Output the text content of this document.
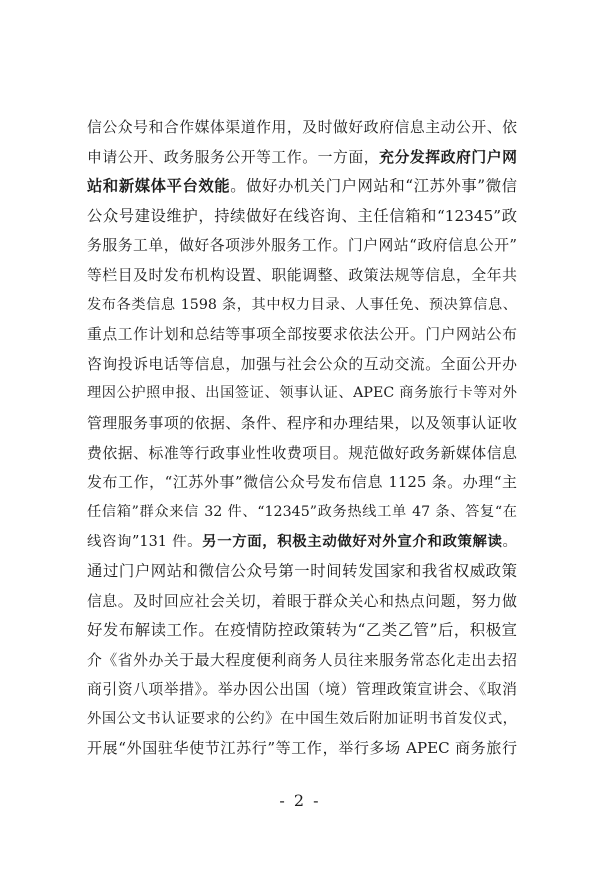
信公众号和合作媒体渠道作用，及时做好政府信息主动公开、依
申请公开、政务服务公开等工作。一方面，充分发挥政府门户网
站和新媒体平台效能。做好办机关门户网站和“江苏外事”微信
公众号建设维护，持续做好在线咨询、主任信箱和“12345”政
务服务工单，做好各项涉外服务工作。门户网站“政府信息公开”
等栏目及时发布机构设置、职能调整、政策法规等信息，全年共
发布各类信息 1598 条，其中权力目录、人事任免、预决算信息、
重点工作计划和总结等事项全部按要求依法公开。门户网站公布
咨询投诉电话等信息，加强与社会公众的互动交流。全面公开办
理因公护照申报、出国签证、领事认证、APEC 商务旅行卡等对外
管理服务事项的依据、条件、程序和办理结果，以及领事认证收
费依据、标准等行政事业性收费项目。规范做好政务新媒体信息
发布工作，“江苏外事”微信公众号发布信息 1125 条。办理“主
任信箱”群众来信 32 件、“12345”政务热线工单 47 条、答复“在
线咨询”131 件。另一方面，积极主动做好对外宣介和政策解读。
通过门户网站和微信公众号第一时间转发国家和我省权威政策
信息。及时回应社会关切，着眼于群众关心和热点问题，努力做
好发布解读工作。在疫情防控政策转为“乙类乙管”后，积极宣
介《省外办关于最大程度便利商务人员往来服务常态化走出去招
商引资八项举措》。举办因公出国（境）管理政策宣讲会、《取消
外国公文书认证要求的公约》在中国生效后附加证明书首发仪式，
开展“外国驻华使节江苏行”等工作，举行多场 APEC 商务旅行
- 2 -
